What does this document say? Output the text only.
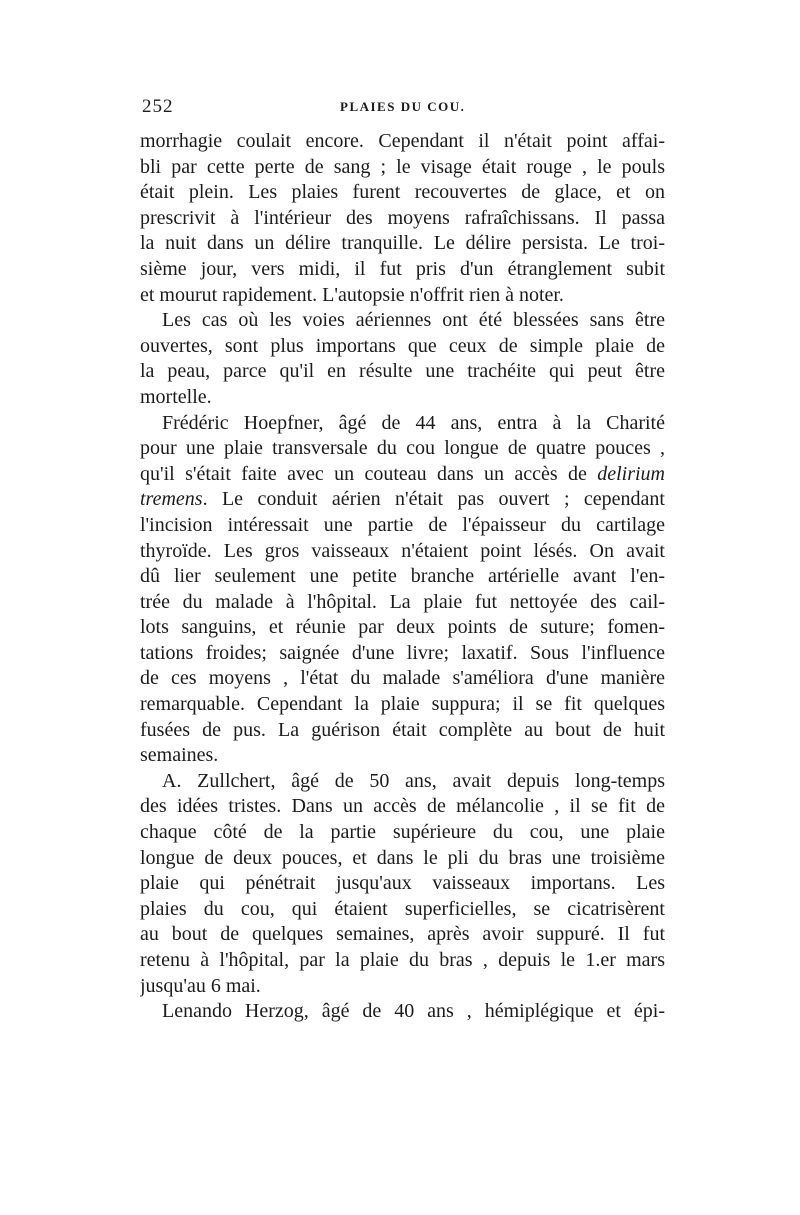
252	PLAIES DU COU.
morrhagie coulait encore. Cependant il n'était point affai-
bli par cette perte de sang ; le visage était rouge , le pouls
était plein. Les plaies furent recouvertes de glace, et on
prescrivit à l'intérieur des moyens rafraîchissans. Il passa
la nuit dans un délire tranquille. Le délire persista. Le troi-
sième jour, vers midi, il fut pris d'un étranglement subit
et mourut rapidement. L'autopsie n'offrit rien à noter.
Les cas où les voies aériennes ont été blessées sans être
ouvertes, sont plus importans que ceux de simple plaie de
la peau, parce qu'il en résulte une trachéite qui peut être
mortelle.
Frédéric Hoepfner, âgé de 44 ans, entra à la Charité
pour une plaie transversale du cou longue de quatre pouces ,
qu'il s'était faite avec un couteau dans un accès de delirium
tremens. Le conduit aérien n'était pas ouvert ; cependant
l'incision intéressait une partie de l'épaisseur du cartilage
thyroïde. Les gros vaisseaux n'étaient point lésés. On avait
dû lier seulement une petite branche artérielle avant l'en-
trée du malade à l'hôpital. La plaie fut nettoyée des cail-
lots sanguins, et réunie par deux points de suture; fomen-
tations froides; saignée d'une livre; laxatif. Sous l'influence
de ces moyens , l'état du malade s'améliora d'une manière
remarquable. Cependant la plaie suppura; il se fit quelques
fusées de pus. La guérison était complète au bout de huit
semaines.
A. Zullchert, âgé de 50 ans, avait depuis long-temps
des idées tristes. Dans un accès de mélancolie , il se fit de
chaque côté de la partie supérieure du cou, une plaie
longue de deux pouces, et dans le pli du bras une troisième
plaie qui pénétrait jusqu'aux vaisseaux importans. Les
plaies du cou, qui étaient superficielles, se cicatrisèrent
au bout de quelques semaines, après avoir suppuré. Il fut
retenu à l'hôpital, par la plaie du bras , depuis le 1.er mars
jusqu'au 6 mai.
Lenando Herzog, âgé de 40 ans , hémiplégique et épi-
